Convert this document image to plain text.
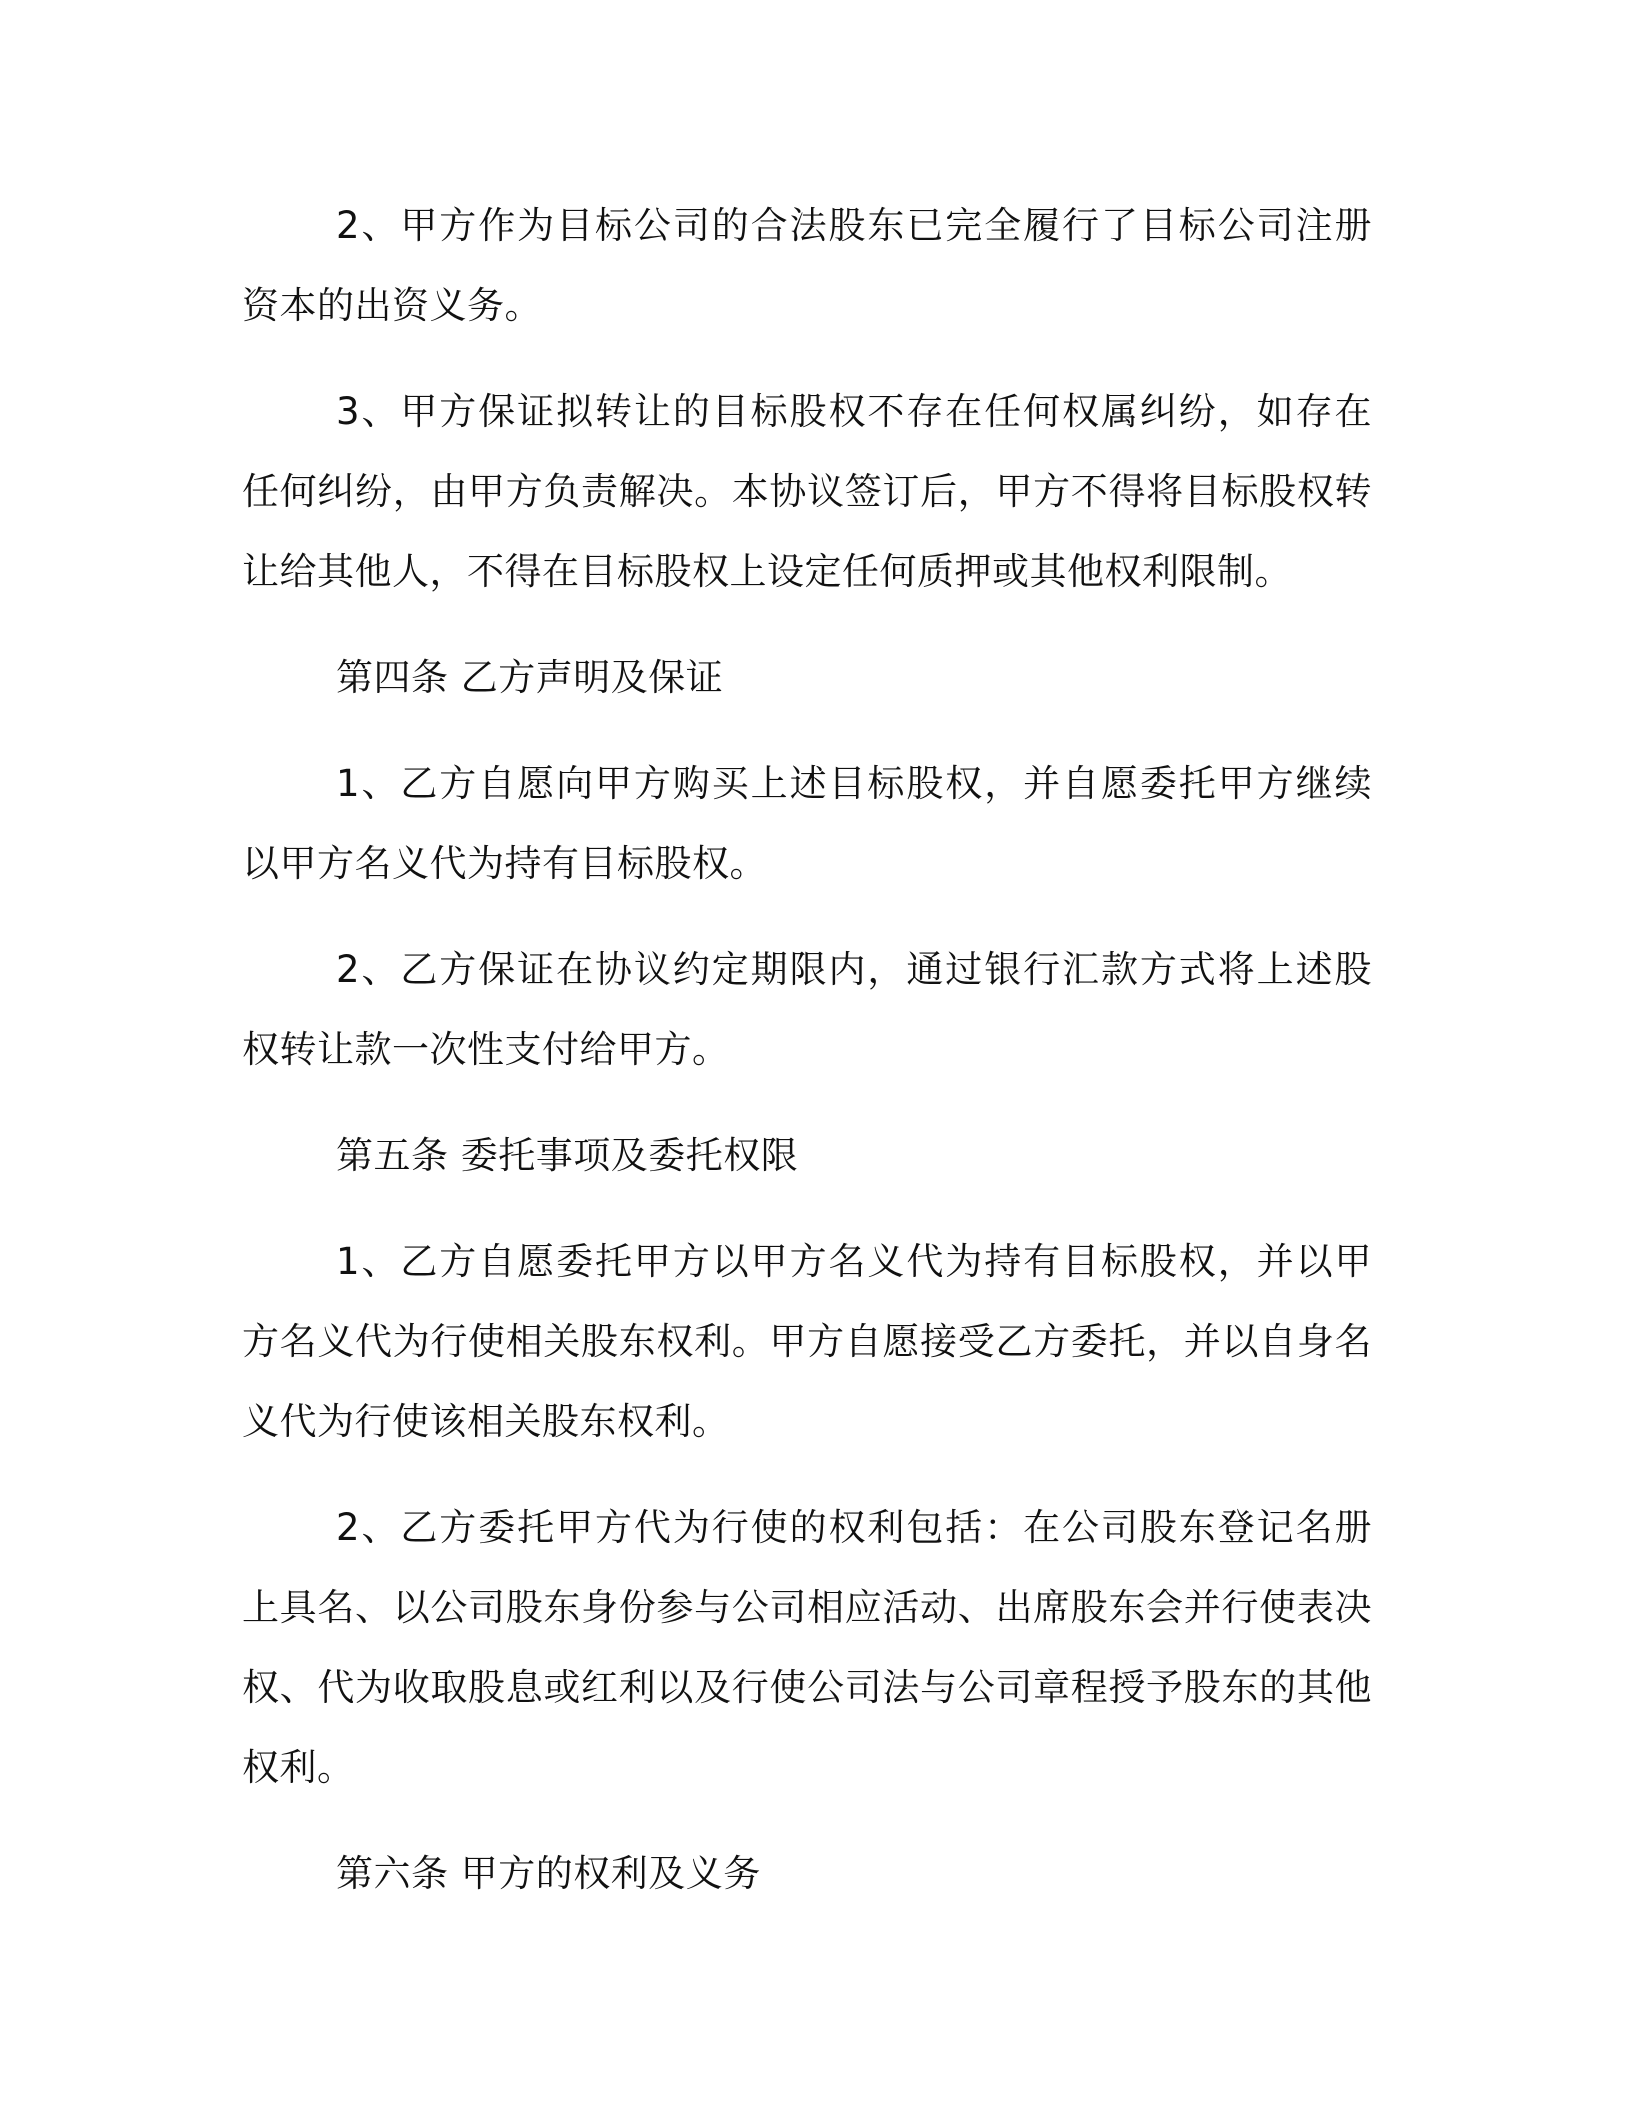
2、甲方作为目标公司的合法股东已完全履行了目标公司注册资本的出资义务。

3、甲方保证拟转让的目标股权不存在任何权属纠纷，如存在任何纠纷，由甲方负责解决。本协议签订后，甲方不得将目标股权转让给其他人，不得在目标股权上设定任何质押或其他权利限制。

第四条 乙方声明及保证

1、乙方自愿向甲方购买上述目标股权，并自愿委托甲方继续以甲方名义代为持有目标股权。

2、乙方保证在协议约定期限内，通过银行汇款方式将上述股权转让款一次性支付给甲方。

第五条 委托事项及委托权限

1、乙方自愿委托甲方以甲方名义代为持有目标股权，并以甲方名义代为行使相关股东权利。甲方自愿接受乙方委托，并以自身名义代为行使该相关股东权利。

2、乙方委托甲方代为行使的权利包括：在公司股东登记名册上具名、以公司股东身份参与公司相应活动、出席股东会并行使表决权、代为收取股息或红利以及行使公司法与公司章程授予股东的其他权利。

第六条 甲方的权利及义务
